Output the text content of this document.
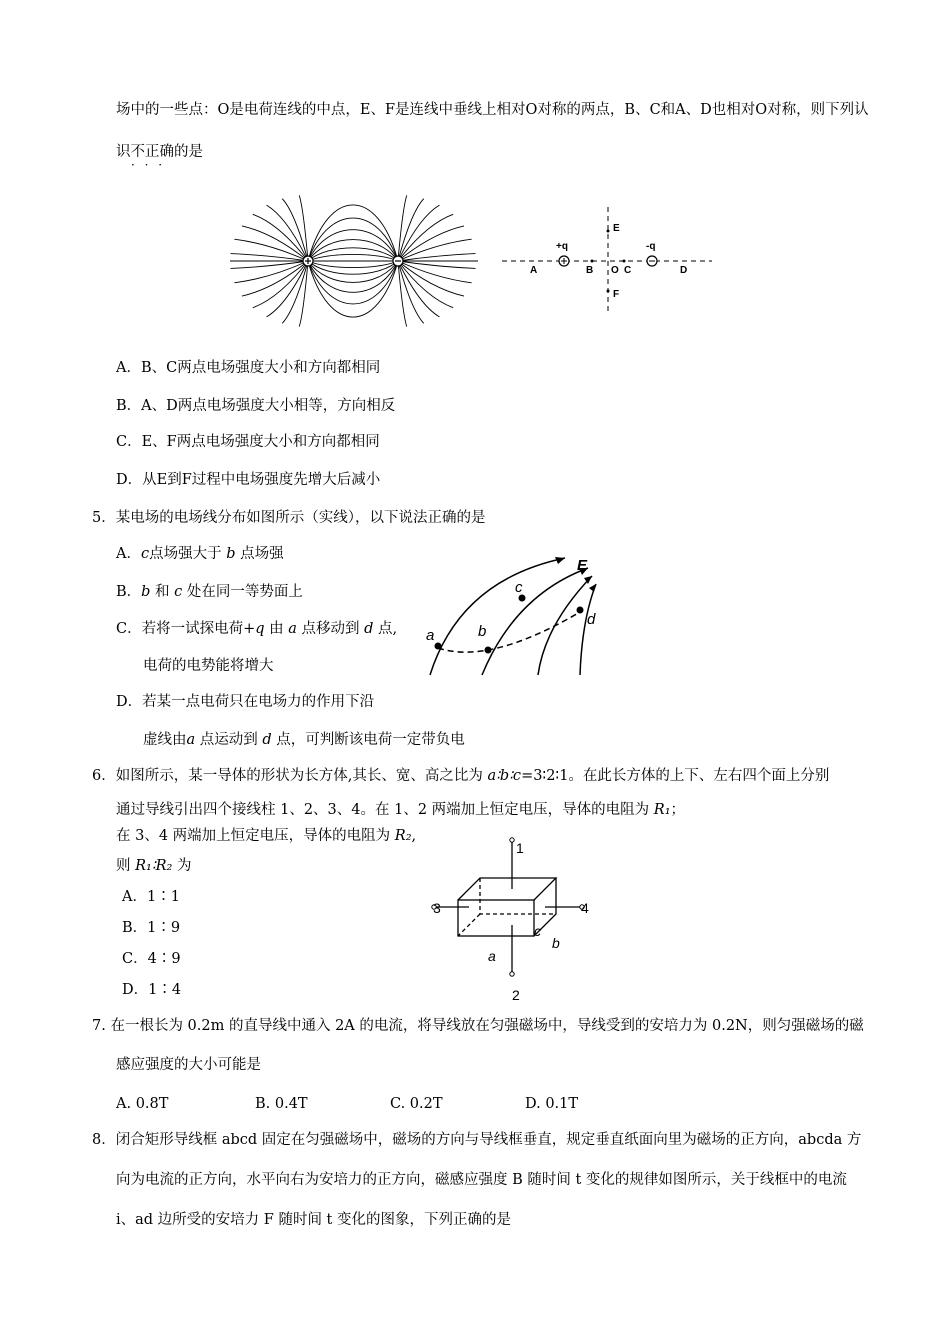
场中的一些点：O是电荷连线的中点，E、F是连线中垂线上相对O对称的两点，B、C和A、D也相对O对称，则下列认
识不正确的是
· · ·
+q	-q
A	B O C	D
E
F
A．B、C两点电场强度大小和方向都相同
B．A、D两点电场强度大小相等，方向相反
C．E、F两点电场强度大小和方向都相同
D．从E到F过程中电场强度先增大后减小
5．某电场的电场线分布如图所示（实线），以下说法正确的是
A．c点场强大于 b 点场强
B．b 和 c 处在同一等势面上
C．若将一试探电荷+q 由 a 点移动到 d 点,
电荷的电势能将增大
D．若某一点电荷只在电场力的作用下沿
虚线由a 点运动到 d 点，可判断该电荷一定带负电
E
a	b
c
d
6．如图所示，某一导体的形状为长方体,其长、宽、高之比为 a∶b∶c=3∶2∶1。在此长方体的上下、左右四个面上分别
通过导线引出四个接线柱 1、2、3、4。在 1、2 两端加上恒定电压，导体的电阻为 R₁；
在 3、4 两端加上恒定电压，导体的电阻为 R₂,
则 R₁∶R₂ 为
A．1∶1
B．1∶9
C．4∶9
D．1∶4
1
2
3	4
a
b
c
7. 在一根长为 0.2m 的直导线中通入 2A 的电流，将导线放在匀强磁场中，导线受到的安培力为 0.2N，则匀强磁场的磁
感应强度的大小可能是
A. 0.8T	B. 0.4T	C. 0.2T	D. 0.1T
8．闭合矩形导线框 abcd 固定在匀强磁场中，磁场的方向与导线框垂直，规定垂直纸面向里为磁场的正方向，abcda 方
向为电流的正方向，水平向右为安培力的正方向，磁感应强度 B 随时间 t 变化的规律如图所示，关于线框中的电流
i、ad 边所受的安培力 F 随时间 t 变化的图象，下列正确的是
